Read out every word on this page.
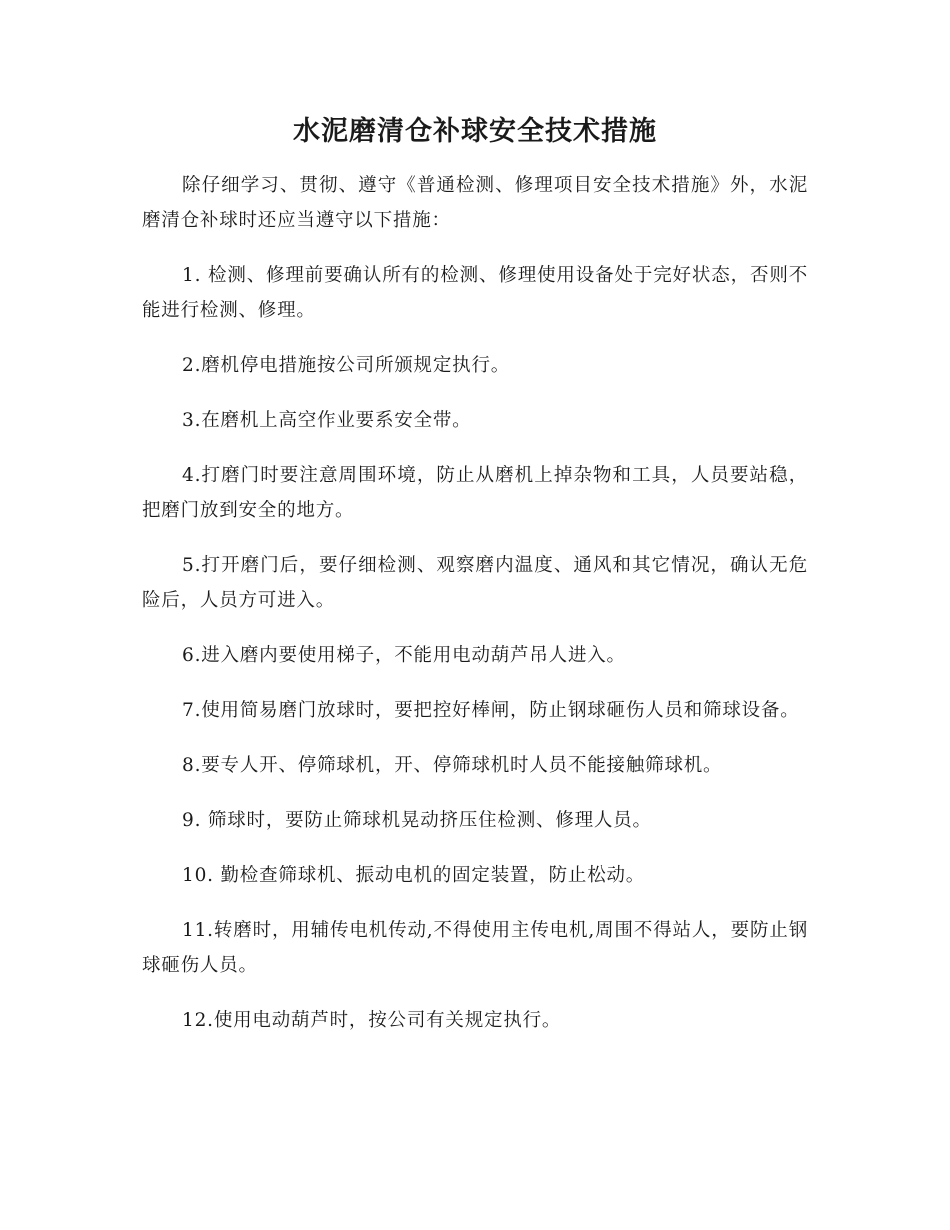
水泥磨清仓补球安全技术措施

除仔细学习、贯彻、遵守《普通检测、修理项目安全技术措施》外，水泥磨清仓补球时还应当遵守以下措施：

1. 检测、修理前要确认所有的检测、修理使用设备处于完好状态，否则不能进行检测、修理。

2.磨机停电措施按公司所颁规定执行。

3.在磨机上高空作业要系安全带。

4.打磨门时要注意周围环境，防止从磨机上掉杂物和工具，人员要站稳，把磨门放到安全的地方。

5.打开磨门后，要仔细检测、观察磨内温度、通风和其它情况，确认无危险后，人员方可进入。

6.进入磨内要使用梯子，不能用电动葫芦吊人进入。

7.使用简易磨门放球时，要把控好棒闸，防止钢球砸伤人员和筛球设备。

8.要专人开、停筛球机，开、停筛球机时人员不能接触筛球机。

9. 筛球时，要防止筛球机晃动挤压住检测、修理人员。

10. 勤检查筛球机、振动电机的固定装置，防止松动。

11.转磨时，用辅传电机传动,不得使用主传电机,周围不得站人，要防止钢球砸伤人员。

12.使用电动葫芦时，按公司有关规定执行。
